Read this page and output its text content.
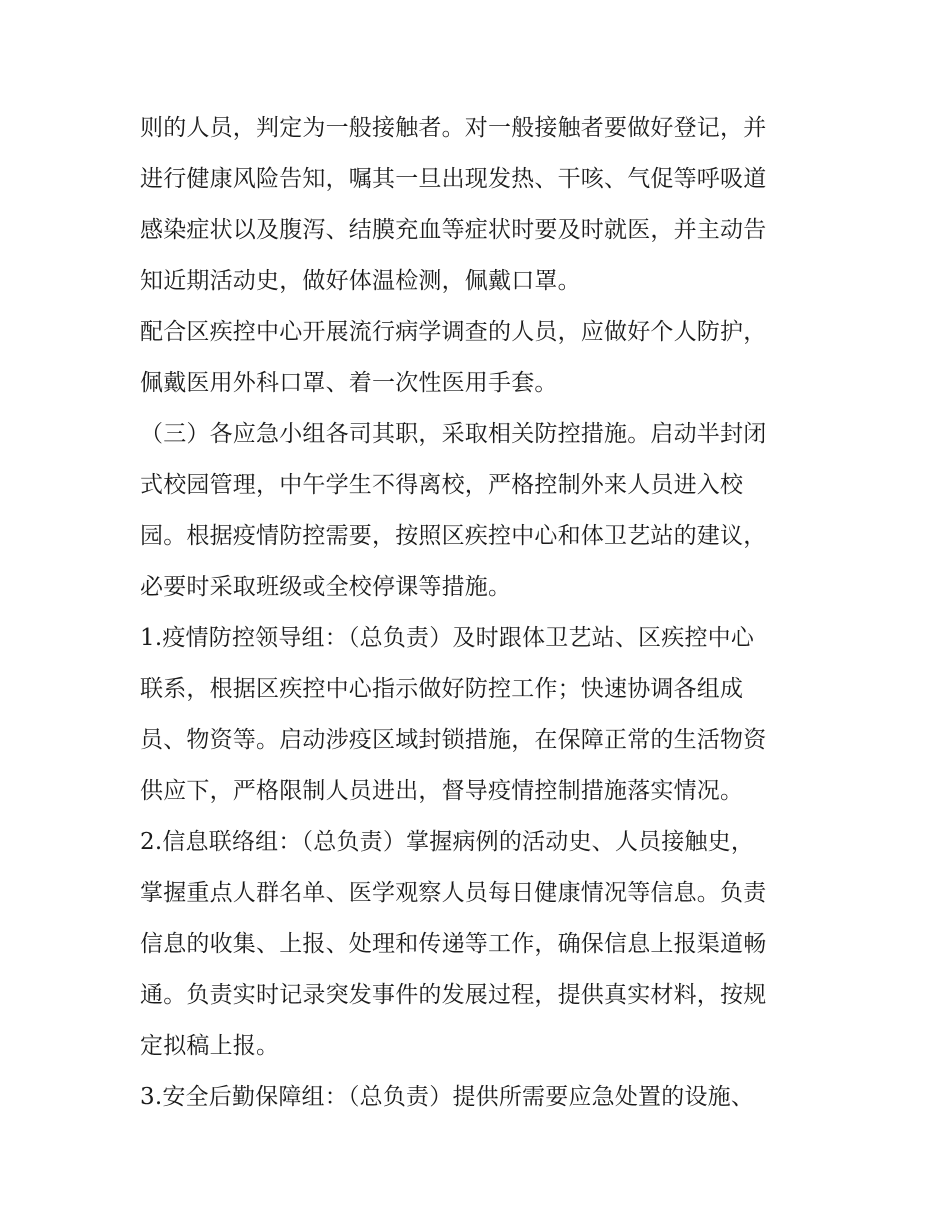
则的人员，判定为一般接触者。对一般接触者要做好登记，并
进行健康风险告知，嘱其一旦出现发热、干咳、气促等呼吸道
感染症状以及腹泻、结膜充血等症状时要及时就医，并主动告
知近期活动史，做好体温检测，佩戴口罩。
配合区疾控中心开展流行病学调查的人员，应做好个人防护，
佩戴医用外科口罩、着一次性医用手套。
（三）各应急小组各司其职，采取相关防控措施。启动半封闭
式校园管理，中午学生不得离校，严格控制外来人员进入校
园。根据疫情防控需要，按照区疾控中心和体卫艺站的建议，
必要时采取班级或全校停课等措施。
1.疫情防控领导组：（总负责）及时跟体卫艺站、区疾控中心
联系，根据区疾控中心指示做好防控工作；快速协调各组成
员、物资等。启动涉疫区域封锁措施，在保障正常的生活物资
供应下，严格限制人员进出，督导疫情控制措施落实情况。
2.信息联络组：（总负责）掌握病例的活动史、人员接触史，
掌握重点人群名单、医学观察人员每日健康情况等信息。负责
信息的收集、上报、处理和传递等工作，确保信息上报渠道畅
通。负责实时记录突发事件的发展过程，提供真实材料，按规
定拟稿上报。
3.安全后勤保障组：（总负责）提供所需要应急处置的设施、
